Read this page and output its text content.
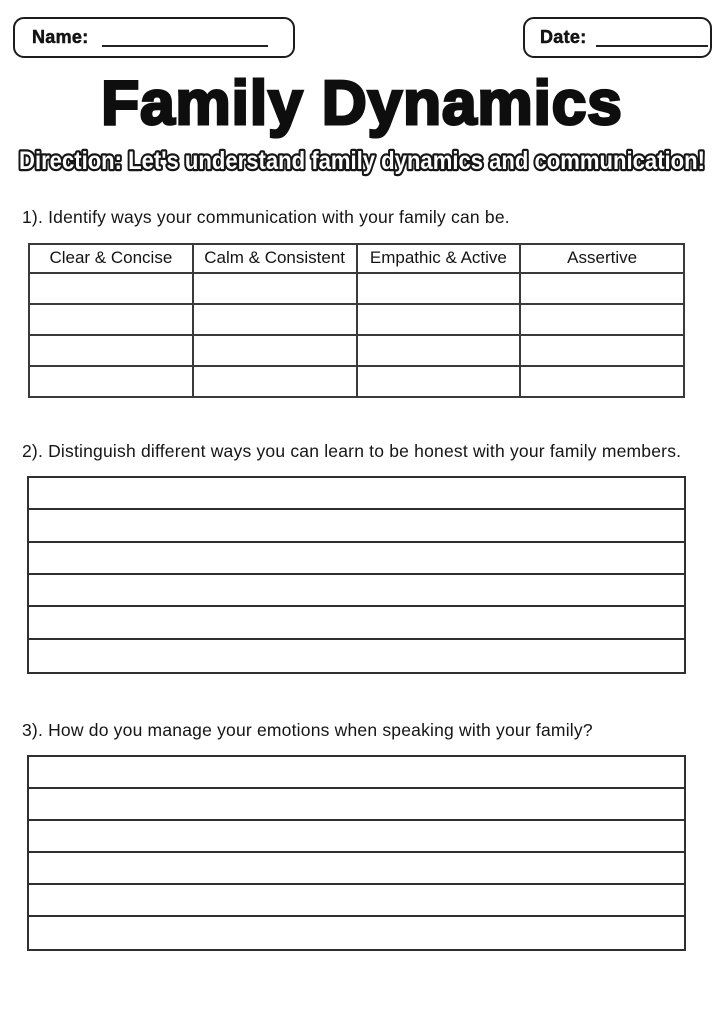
Name:	Date:
Family Dynamics
Direction: Let's understand family dynamics and communication!
1). Identify ways your communication with your family can be.
Clear & Concise	Calm & Consistent	Empathic & Active	Assertive

2). Distinguish different ways you can learn to be honest with your family members.
3). How do you manage your emotions when speaking with your family?
